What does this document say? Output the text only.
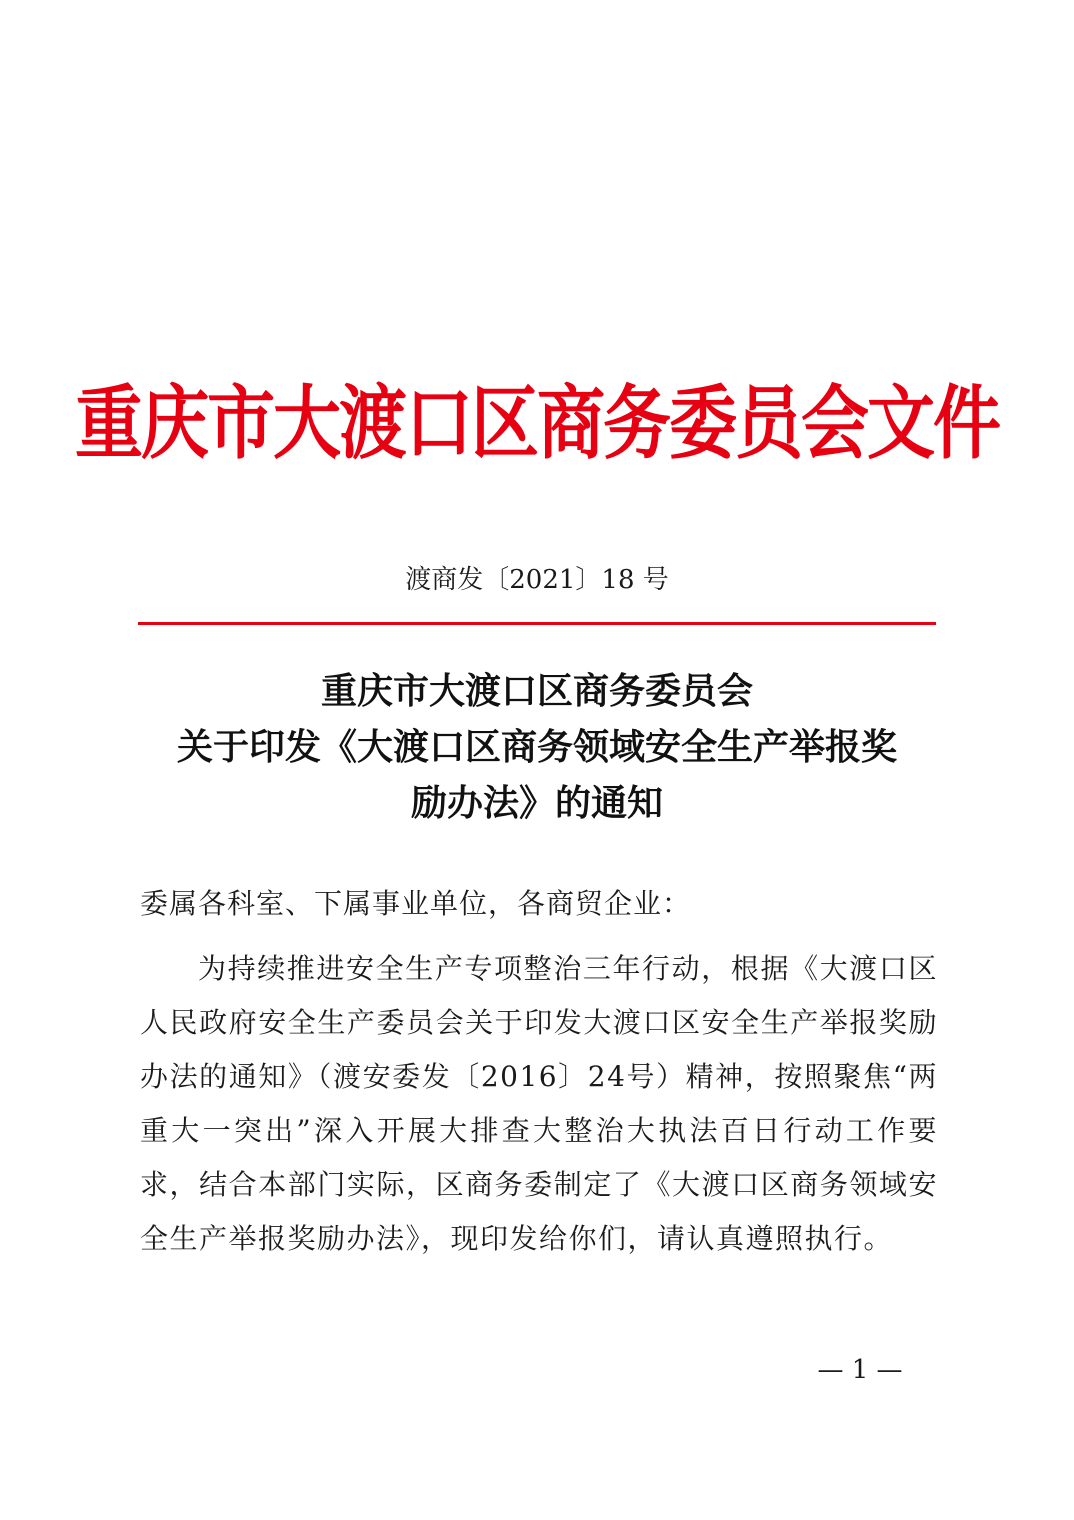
重庆市大渡口区商务委员会文件
渡商发〔2021〕18 号
重庆市大渡口区商务委员会
关于印发《大渡口区商务领域安全生产举报奖
励办法》的通知
委属各科室、下属事业单位，各商贸企业：
为持续推进安全生产专项整治三年行动，根据《大渡口区人民政府安全生产委员会关于印发大渡口区安全生产举报奖励办法的通知》（渡安委发〔2016〕24号）精神，按照聚焦“两重大一突出”深入开展大排查大整治大执法百日行动工作要求，结合本部门实际，区商务委制定了《大渡口区商务领域安全生产举报奖励办法》，现印发给你们，请认真遵照执行。
— 1 —
